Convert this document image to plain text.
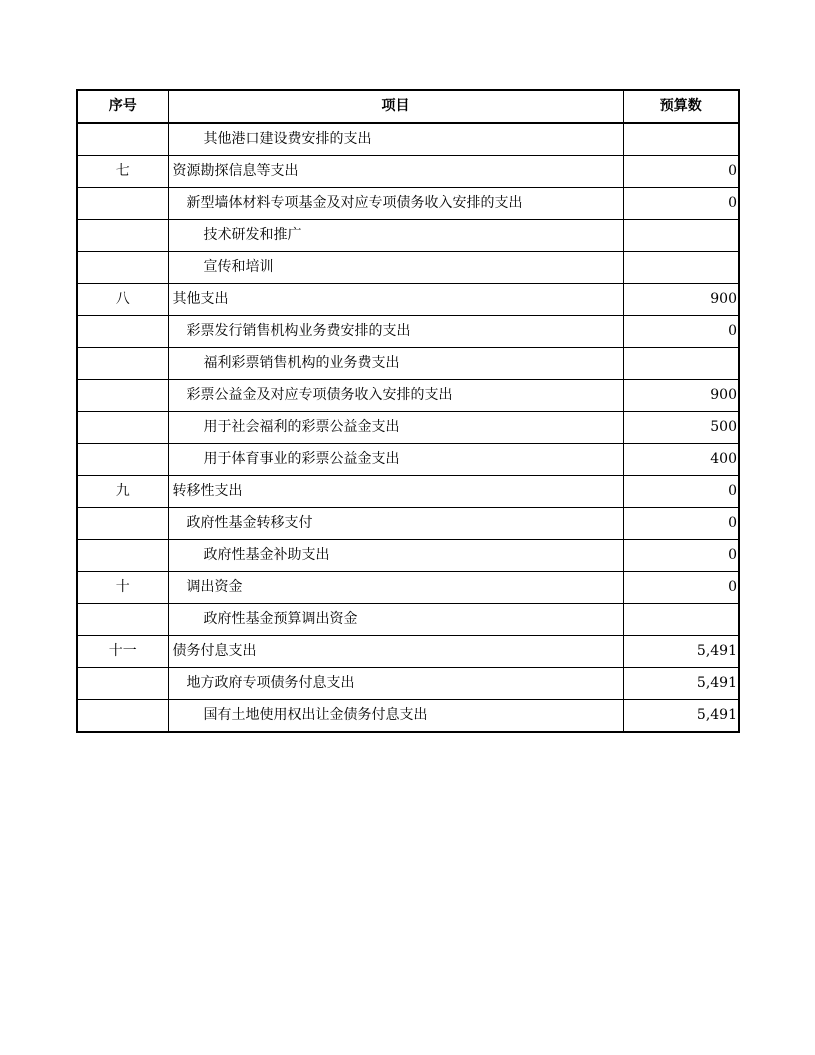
序号	项目	预算数
	其他港口建设费安排的支出	
七	资源勘探信息等支出	0
	新型墙体材料专项基金及对应专项债务收入安排的支出	0
	技术研发和推广	
	宣传和培训	
八	其他支出	900
	彩票发行销售机构业务费安排的支出	0
	福利彩票销售机构的业务费支出	
	彩票公益金及对应专项债务收入安排的支出	900
	用于社会福利的彩票公益金支出	500
	用于体育事业的彩票公益金支出	400
九	转移性支出	0
	政府性基金转移支付	0
	政府性基金补助支出	0
十	调出资金	0
	政府性基金预算调出资金	
十一	债务付息支出	5,491
	地方政府专项债务付息支出	5,491
	国有土地使用权出让金债务付息支出	5,491
